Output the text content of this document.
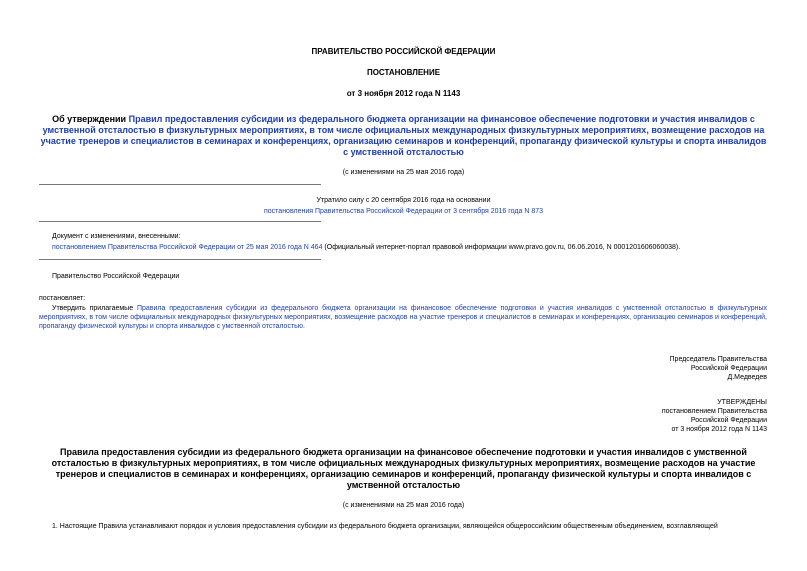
ПРАВИТЕЛЬСТВО РОССИЙСКОЙ ФЕДЕРАЦИИ
ПОСТАНОВЛЕНИЕ
от 3 ноября 2012 года N 1143
Об утверждении Правил предоставления субсидии из федерального бюджета организации на финансовое обеспечение подготовки и участия инвалидов с умственной отсталостью в физкультурных мероприятиях, в том числе официальных международных физкультурных мероприятиях, возмещение расходов на участие тренеров и специалистов в семинарах и конференциях, организацию семинаров и конференций, пропаганду физической культуры и спорта инвалидов с умственной отсталостью
(с изменениями на 25 мая 2016 года)
Утратило силу с 20 сентября 2016 года на основании
постановления Правительства Российской Федерации от 3 сентября 2016 года N 873
Документ с изменениями, внесенными:
постановлением Правительства Российской Федерации от 25 мая 2016 года N 464 (Официальный интернет-портал правовой информации www.pravo.gov.ru, 06.06.2016, N 0001201606060038).
Правительство Российской Федерации
постановляет:
Утвердить прилагаемые Правила предоставления субсидии из федерального бюджета организации на финансовое обеспечение подготовки и участия инвалидов с умственной отсталостью в физкультурных мероприятиях, в том числе официальных международных физкультурных мероприятиях, возмещение расходов на участие тренеров и специалистов в семинарах и конференциях, организацию семинаров и конференций, пропаганду физической культуры и спорта инвалидов с умственной отсталостью.
Председатель Правительства
Российской Федерации
Д.Медведев
УТВЕРЖДЕНЫ
постановлением Правительства
Российской Федерации
от 3 ноября 2012 года N 1143
Правила предоставления субсидии из федерального бюджета организации на финансовое обеспечение подготовки и участия инвалидов с умственной отсталостью в физкультурных мероприятиях, в том числе официальных международных физкультурных мероприятиях, возмещение расходов на участие тренеров и специалистов в семинарах и конференциях, организацию семинаров и конференций, пропаганду физической культуры и спорта инвалидов с умственной отсталостью
(с изменениями на 25 мая 2016 года)
1. Настоящие Правила устанавливают порядок и условия предоставления субсидии из федерального бюджета организации, являющейся общероссийским общественным объединением, возглавляющей
